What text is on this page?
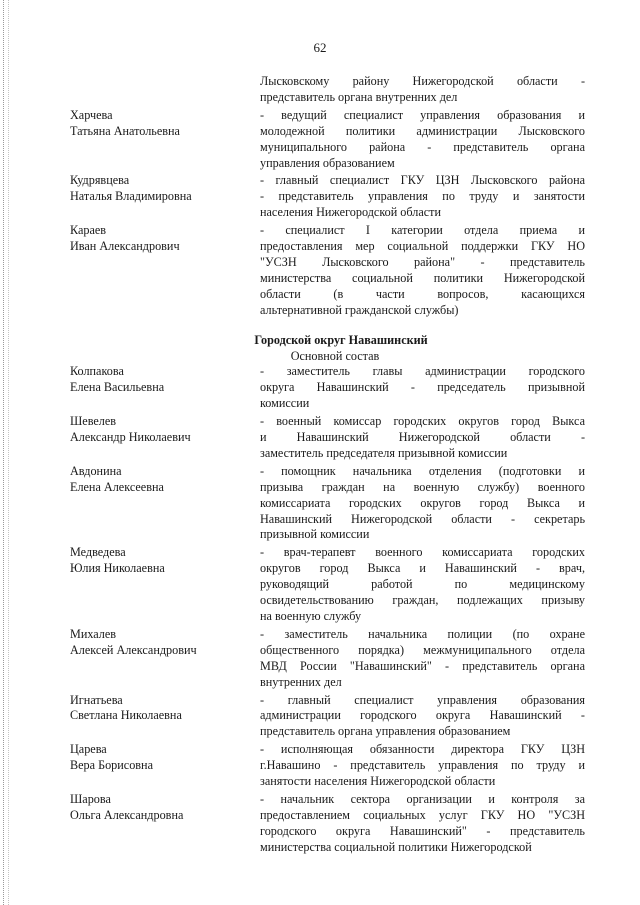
62
Лысковскому району Нижегородской области -
представитель органа внутренних дел
Харчева
Татьяна Анатольевна
- ведущий специалист управления образования и
молодежной политики администрации Лысковского
муниципального района - представитель органа
управления образованием
Кудрявцева
Наталья Владимировна
- главный специалист ГКУ ЦЗН Лысковского района
- представитель управления по труду и занятости
населения Нижегородской области
Караев
Иван Александрович
- специалист I категории отдела приема и
предоставления мер социальной поддержки ГКУ НО
"УСЗН Лысковского района" - представитель
министерства социальной политики Нижегородской
области (в части вопросов, касающихся
альтернативной гражданской службы)
Городской округ Навашинский
Основной состав
Колпакова
Елена Васильевна
- заместитель главы администрации городского
округа Навашинский - председатель призывной
комиссии
Шевелев
Александр Николаевич
- военный комиссар городских округов город Выкса
и Навашинский Нижегородской области -
заместитель председателя призывной комиссии
Авдонина
Елена Алексеевна
- помощник начальника отделения (подготовки и
призыва граждан на военную службу) военного
комиссариата городских округов город Выкса и
Навашинский Нижегородской области - секретарь
призывной комиссии
Медведева
Юлия Николаевна
- врач-терапевт военного комиссариата городских
округов город Выкса и Навашинский - врач,
руководящий работой по медицинскому
освидетельствованию граждан, подлежащих призыву
на военную службу
Михалев
Алексей Александрович
- заместитель начальника полиции (по охране
общественного порядка) межмуниципального отдела
МВД России "Навашинский" - представитель органа
внутренних дел
Игнатьева
Светлана Николаевна
- главный специалист управления образования
администрации городского округа Навашинский -
представитель органа управления образованием
Царева
Вера Борисовна
- исполняющая обязанности директора ГКУ ЦЗН
г.Навашино - представитель управления по труду и
занятости населения Нижегородской области
Шарова
Ольга Александровна
- начальник сектора организации и контроля за
предоставлением социальных услуг ГКУ НО "УСЗН
городского округа Навашинский" - представитель
министерства социальной политики Нижегородской
